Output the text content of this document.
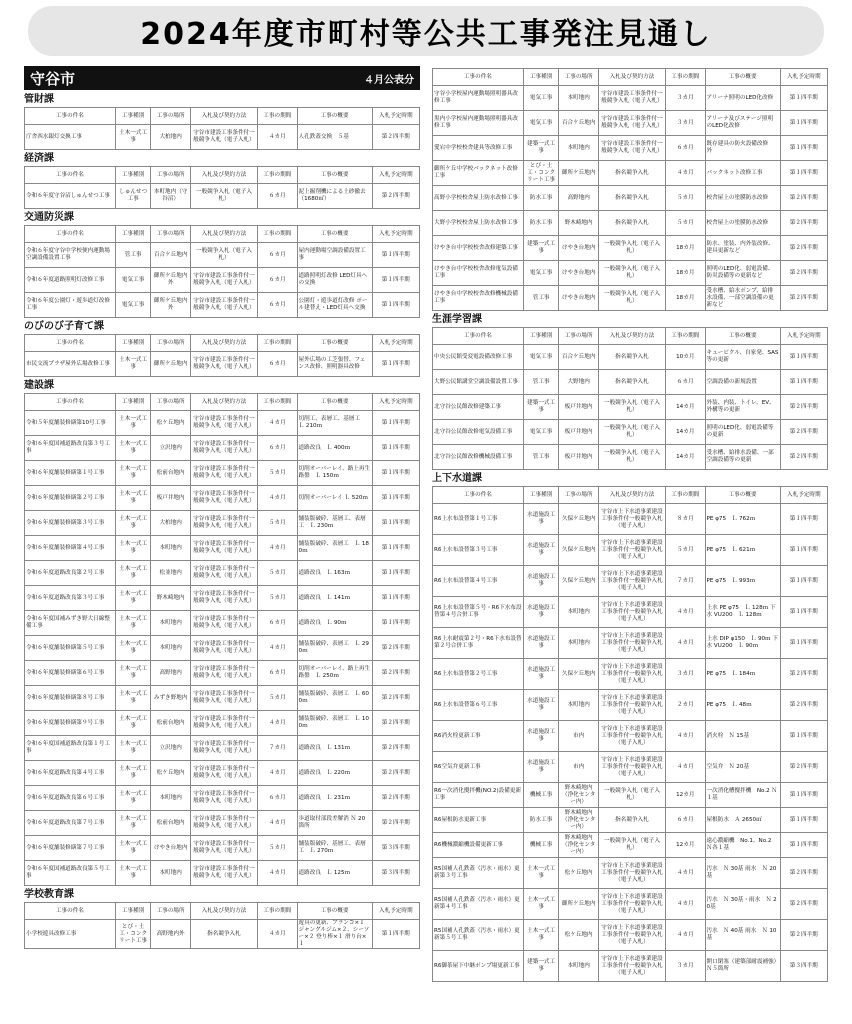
2024年度市町村等公共工事発注見通し
守谷市	４月公表分
管財課
工事の件名	工事種別	工事の場所	入札及び契約方法	工事の期間	工事の概要	入札予定時期
庁舎西水銀灯交換工事	土木一式工事	大柏地内	守谷市建設工事条件付一般競争入札（電子入札）	４カ月	人孔鉄蓋交換　５基	第２四半期
経済課
工事の件名	工事種別	工事の場所	入札及び契約方法	工事の期間	工事の概要	入札予定時期
令和６年度守谷沼しゅんせつ工事	しゅんせつ工事	本町地内（守谷沼）	一般競争入札（電子入札）	６カ月	泥上掘削機による土砂撤去（1680㎥）	第２四半期
交通防災課
工事の件名	工事種別	工事の場所	入札及び契約方法	工事の期間	工事の概要	入札予定時期
令和６年度守谷中学校便内運動場空調設備設置工事	管工事	百合ケ丘地内	一般競争入札（電子入札）	６カ月	屋内運動場空調設備設置工事	第１四半期
令和６年度道路照明灯改修工事	電気工事	御所ケ丘地内外	守谷市建設工事条件付一般競争入札（電子入札）	６カ月	道路照明灯改修 LED灯具への交換	第１四半期
令和６年度公園灯・遊歩道灯改修工事	電気工事	御所ケ丘地内外	守谷市建設工事条件付一般競争入札（電子入札）	６カ月	公園灯・遊歩道灯改修 ポール建替え・LED灯具へ交換	第１四半期
のびのび子育て課
工事の件名	工事種別	工事の場所	入札及び契約方法	工事の期間	工事の概要	入札予定時期
市民交流プラザ屋外広場改修工事	土木一式工事	御所ケ丘地内	守谷市建設工事条件付一般競争入札（電子入札）	６カ月	屋外広場の工芝張替、フェンス改修、照明器具改修	第１四半期
建設課
工事の件名	工事種別	工事の場所	入札及び契約方法	工事の期間	工事の概要	入札予定時期
令和５年度舗装修繕第10号工事	土木一式工事	松ケ丘地内	守谷市建設工事条件付一般競争入札（電子入札）	４カ月	切削工、表層工、基層工　Ｌ 210ｍ	第１四半期
令和６年度国補道路改良第３号工事	土木一式工事	立沢地内	守谷市建設工事条件付一般競争入札（電子入札）	６カ月	道路改良　Ｌ 400ｍ	第１四半期
令和６年度舗装修繕第１号工事	土木一式工事	松前台地内	守谷市建設工事条件付一般競争入札（電子入札）	５カ月	切削オーバーレイ、路上再生路盤　Ｌ 150ｍ	第１四半期
令和６年度舗装修繕第２号工事	土木一式工事	板戸井地内	守谷市建設工事条件付一般競争入札（電子入札）	４カ月	切削オーバーレイ Ｌ 520ｍ	第１四半期
令和６年度舗装修繕第３号工事	土木一式工事	大柏地内	守谷市建設工事条件付一般競争入札（電子入札）	５カ月	舗装版破砕、基層工、表層工　Ｌ 230ｍ	第１四半期
令和６年度舗装修繕第４号工事	土木一式工事	本町地内	守谷市建設工事条件付一般競争入札（電子入札）	４カ月	舗装版破砕、表層工　Ｌ 180ｍ	第１四半期
令和６年度道路改良第２号工事	土木一式工事	松並地内	守谷市建設工事条件付一般競争入札（電子入札）	５カ月	道路改良　Ｌ 163ｍ	第１四半期
令和６年度道路改良第３号工事	土木一式工事	野木崎地内	守谷市建設工事条件付一般競争入札（電子入札）	５カ月	道路改良　Ｌ 141ｍ	第１四半期
令和６年度国補みずき野大日線整備工事	土木一式工事	本町地内	守谷市建設工事条件付一般競争入札（電子入札）	６カ月	道路改良　Ｌ 90ｍ	第１四半期
令和６年度舗装修繕第５号工事	土木一式工事	本町地内	守谷市建設工事条件付一般競争入札（電子入札）	４カ月	舗装版破砕、表層工　Ｌ 290ｍ	第２四半期
令和６年度舗装修繕第６号工事	土木一式工事	高野地内	守谷市建設工事条件付一般競争入札（電子入札）	６カ月	切削オーバーレイ、路上再生路盤　Ｌ 250ｍ	第２四半期
令和６年度舗装修繕第８号工事	土木一式工事	みずき野地内	守谷市建設工事条件付一般競争入札（電子入札）	５カ月	舗装版破砕、表層工　Ｌ 600ｍ	第２四半期
令和６年度舗装修繕第９号工事	土木一式工事	松前台地内	守谷市建設工事条件付一般競争入札（電子入札）	４カ月	舗装版破砕、表層工　Ｌ 100ｍ	第２四半期
令和６年度国補道路改良第１号工事	土木一式工事	立沢地内	守谷市建設工事条件付一般競争入札（電子入札）	７カ月	道路改良　Ｌ 131ｍ	第２四半期
令和６年度道路改良第４号工事	土木一式工事	松ケ丘地内	守谷市建設工事条件付一般競争入札（電子入札）	４カ月	道路改良　Ｌ 220ｍ	第２四半期
令和６年度道路改良第６号工事	土木一式工事	本町地内	守谷市建設工事条件付一般競争入札（電子入札）	６カ月	道路改良　Ｌ 231ｍ	第２四半期
令和６年度道路改良第７号工事	土木一式工事	松前台地内	守谷市建設工事条件付一般競争入札（電子入札）	４カ月	歩道取付部段差解消 Ｎ 20箇所	第２四半期
令和６年度舗装修繕第７号工事	土木一式工事	けやき台地内	守谷市建設工事条件付一般競争入札（電子入札）	５カ月	舗装版破砕、基層工、表層工　Ｌ 270ｍ	第３四半期
令和６年度国補道路改良第５号工事	土木一式工事	本町地内	守谷市建設工事条件付一般競争入札（電子入札）	４カ月	道路改良　Ｌ 125ｍ	第３四半期
学校教育課
工事の件名	工事種別	工事の場所	入札及び契約方法	工事の期間	工事の概要	入札予定時期
小学校遊具改修工事	とび・土工・コンクリート工事	高野地内外	指名競争入札	４カ月	遊具の更新、ブランコ×１ ジャングルジム×２、シーソー×２ 登り棒×１ 滑り台×１	第１四半期
工事の件名	工事種別	工事の場所	入札及び契約方法	工事の期間	工事の概要	入札予定時期
守谷小学校屋内運動場照明器具改修工事	電気工事	本町地内	守谷市建設工事条件付一般競争入札（電子入札）	３カ月	アリーナ照明のLED化改修	第１四半期
黒内小学校屋内運動場照明器具改修工事	電気工事	百合ケ丘地内	守谷市建設工事条件付一般競争入札（電子入札）	３カ月	アリーナ及びステージ照明のLED化改修	第１四半期
愛宕中学校校舎建具等改修工事	建築一式工事	本町地内	守谷市建設工事条件付一般競争入札（電子入札）	６カ月	既存建具の防火設備改修　外	第１四半期
御所ケ丘中学校バックネット改修工事	とび・土工・コンクリート工事	御所ケ丘地内	指名競争入札	４カ月	バックネット改修工事	第１四半期
高野小学校校舎屋上防水改修工事	防水工事	高野地内	指名競争入札	５カ月	校舎屋上の塗膜防水改修	第２四半期
大野小学校校舎屋上防水改修工事	防水工事	野木崎地内	指名競争入札	５カ月	校舎屋上の塗膜防水改修	第２四半期
けやき台中学校校舎改修建築工事	建築一式工事	けやき台地内	一般競争入札（電子入札）	18カ月	防水、塗装、内外装改修、建具更新など	第２四半期
けやき台中学校校舎改修電気設備工事	電気工事	けやき台地内	一般競争入札（電子入札）	18カ月	照明のLED化、弱電設備、防災設備等の更新など	第２四半期
けやき台中学校校舎改修機械設備工事	管工事	けやき台地内	一般競争入札（電子入札）	18カ月	受水槽、給水ポンプ、給排水設備、一部空調設備の更新など	第２四半期
生涯学習課
工事の件名	工事種別	工事の場所	入札及び契約方法	工事の期間	工事の概要	入札予定時期
中央公民館受変電設備改修工事	電気工事	百合ケ丘地内	指名競争入札	10カ月	キュービクル、自家発、SAS等の更新	第１四半期
大野公民館講堂空調設備設置工事	管工事	大野地内	指名競争入札	６カ月	空調設備の新規設置	第１四半期
北守谷公民館改修建築工事	建築一式工事	板戸井地内	一般競争入札（電子入札）	14カ月	外装、内装、トイレ、EV、外構等の更新	第２四半期
北守谷公民館改修電気設備工事	電気工事	板戸井地内	一般競争入札（電子入札）	14カ月	照明のLED化、弱電設備等の更新	第２四半期
北守谷公民館改修機械設備工事	管工事	板戸井地内	一般競争入札（電子入札）	14カ月	受水槽、給排水設備、一部空調設備等の更新	第２四半期
上下水道課
工事の件名	工事種別	工事の場所	入札及び契約方法	工事の期間	工事の概要	入札予定時期
R6上水布設替第１号工事	水道施設工事	久保ケ丘地内	守谷市上下水道事業建設工事条件付一般競争入札（電子入札）	８カ月	PE φ75　Ｌ 762ｍ	第１四半期
R6上水布設替第３号工事	水道施設工事	久保ケ丘地内	守谷市上下水道事業建設工事条件付一般競争入札（電子入札）	５カ月	PE φ75　Ｌ 621ｍ	第１四半期
R6上水布設替第４号工事	水道施設工事	久保ケ丘地内	守谷市上下水道事業建設工事条件付一般競争入札（電子入札）	７カ月	PE φ75　Ｌ 993ｍ	第１四半期
R6上水布設替第５号・R6下水布設替第４号合併工事	水道施設工事	本町地内	守谷市上下水道事業建設工事条件付一般競争入札（電子入札）	４カ月	上水 PE φ75　Ｌ 128ｍ 下水 VU200　Ｌ 128ｍ	第１四半期
R6上水耐震第２号・R6下水布設替第２号合併工事	水道施設工事	本町地内	守谷市上下水道事業建設工事条件付一般競争入札（電子入札）	４カ月	上水 DIP φ150　Ｌ 90ｍ 下水 VU200　Ｌ 90ｍ	第１四半期
R6上水布設替第２号工事	水道施設工事	久保ケ丘地内	守谷市上下水道事業建設工事条件付一般競争入札（電子入札）	３カ月	PE φ75　Ｌ 184ｍ	第２四半期
R6上水布設替第６号工事	水道施設工事	本町地内	守谷市上下水道事業建設工事条件付一般競争入札（電子入札）	２カ月	PE φ75　Ｌ 48ｍ	第２四半期
R6消火栓更新工事	水道施設工事	市内	守谷市上下水道事業建設工事条件付一般競争入札（電子入札）	４カ月	消火栓　Ｎ 15基	第１四半期
R6空気弁更新工事	水道施設工事	市内	守谷市上下水道事業建設工事条件付一般競争入札（電子入札）	４カ月	空気弁　Ｎ 20基	第２四半期
R6一次消化攪拌機(NO.2)設備更新工事	機械工事	野木崎地内（浄化センター内）	一般競争入札（電子入札）	12カ月	一次消化槽攪拌機　No.2 Ｎ１基	第１四半期
R6屋根防水更新工事	防水工事	野木崎地内（浄化センター内）	指名競争入札	６カ月	屋根防水　Ａ 2650㎡	第１四半期
R6機械濃縮機設備更新工事	機械工事	野木崎地内（浄化センター内）	一般競争入札（電子入札）	12カ月	遠心濃縮機　No.1、No.2 Ｎ各１基	第１四半期
R5国補人孔鉄蓋（汚水・雨水）更新第３号工事	土木一式工事	松ケ丘地内	守谷市上下水道事業建設工事条件付一般競争入札（電子入札）	４カ月	汚水　Ｎ 30基 雨水　Ｎ 20基	第２四半期
R5国補人孔鉄蓋（汚水・雨水）更新第４号工事	土木一式工事	御所ケ丘地内	守谷市上下水道事業建設工事条件付一般競争入札（電子入札）	４カ月	汚水　Ｎ 30基・雨水　Ｎ 20基	第２四半期
R5国補人孔鉄蓋（汚水・雨水）更新第５号工事	土木一式工事	松ケ丘地内	守谷市上下水道事業建設工事条件付一般競争入札（電子入札）	４カ月	汚水　Ｎ 40基 雨水　Ｎ 10基	第２四半期
R6御茶屋下中継ポンプ場更新工事	建築一式工事	本町地内	守谷市上下水道事業建設工事条件付一般競争入札（電子入札）	３カ月	開口閉塞（建築部耐震補強）Ｎ５箇所	第３四半期
